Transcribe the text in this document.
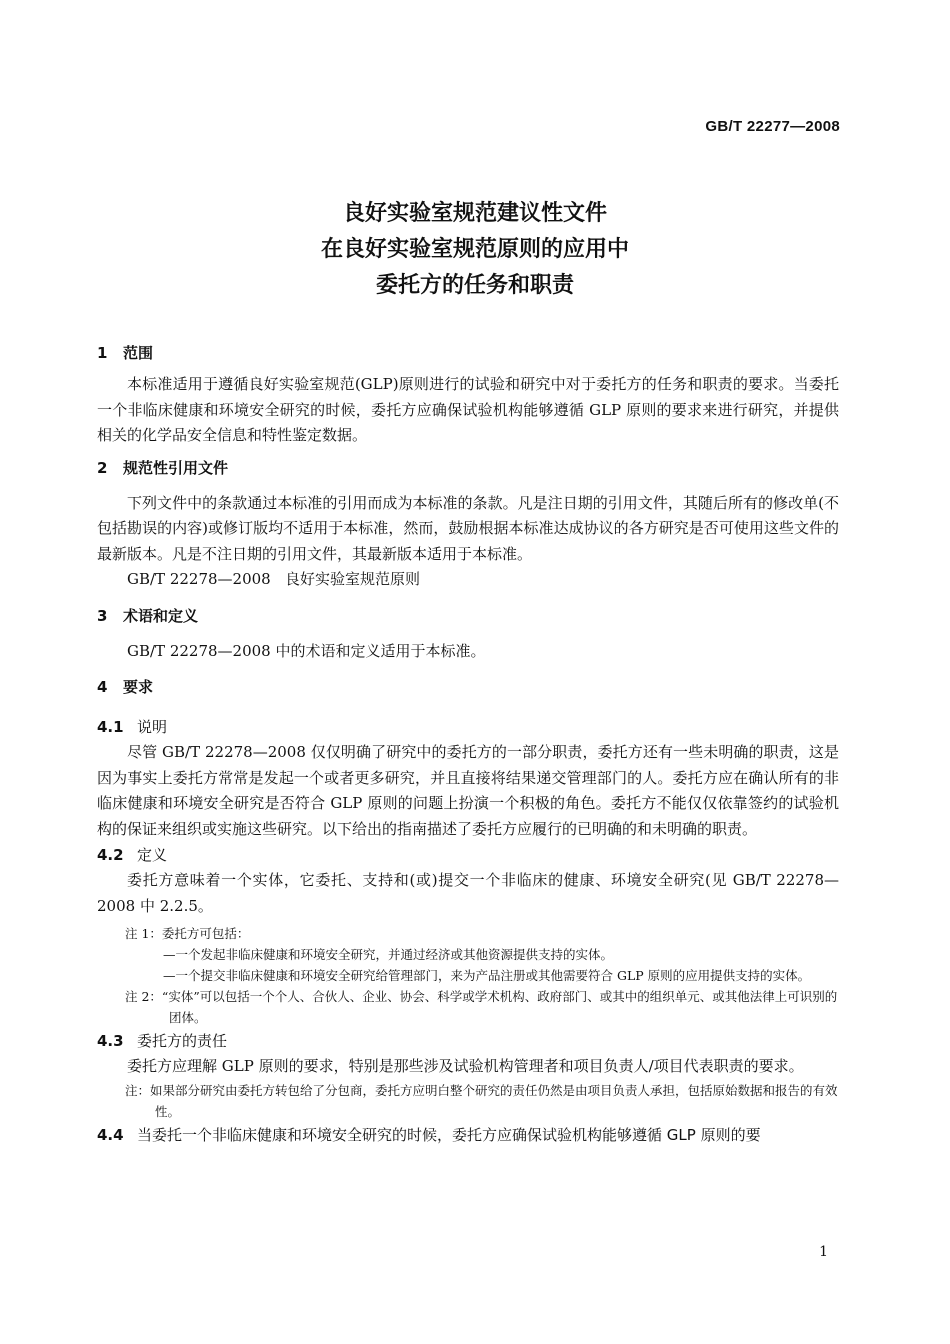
GB/T 22277—2008
良好实验室规范建议性文件
在良好实验室规范原则的应用中
委托方的任务和职责
1 范围

本标准适用于遵循良好实验室规范(GLP)原则进行的试验和研究中对于委托方的任务和职责的要求。当委托一个非临床健康和环境安全研究的时候，委托方应确保试验机构能够遵循 GLP 原则的要求来进行研究，并提供相关的化学品安全信息和特性鉴定数据。

2 规范性引用文件

下列文件中的条款通过本标准的引用而成为本标准的条款。凡是注日期的引用文件，其随后所有的修改单(不包括勘误的内容)或修订版均不适用于本标准，然而，鼓励根据本标准达成协议的各方研究是否可使用这些文件的最新版本。凡是不注日期的引用文件，其最新版本适用于本标准。

GB/T 22278—2008 良好实验室规范原则
3 术语和定义

GB/T 22278—2008 中的术语和定义适用于本标准。

4 要求
4.1 说明

尽管 GB/T 22278—2008 仅仅明确了研究中的委托方的一部分职责，委托方还有一些未明确的职责，这是因为事实上委托方常常是发起一个或者更多研究，并且直接将结果递交管理部门的人。委托方应在确认所有的非临床健康和环境安全研究是否符合 GLP 原则的问题上扮演一个积极的角色。委托方不能仅仅依靠签约的试验机构的保证来组织或实施这些研究。以下给出的指南描述了委托方应履行的已明确的和未明确的职责。

4.2 定义

委托方意味着一个实体，它委托、支持和(或)提交一个非临床的健康、环境安全研究(见 GB/T 22278—2008 中 2.2.5。

注 1：委托方可包括：
—一个发起非临床健康和环境安全研究，并通过经济或其他资源提供支持的实体。
—一个提交非临床健康和环境安全研究给管理部门，来为产品注册或其他需要符合 GLP 原则的应用提供支持的实体。
注 2：“实体”可以包括一个个人、合伙人、企业、协会、科学或学术机构、政府部门、或其中的组织单元、或其他法律上可识别的团体。
4.3 委托方的责任

委托方应理解 GLP 原则的要求，特别是那些涉及试验机构管理者和项目负责人/项目代表职责的要求。

注：如果部分研究由委托方转包给了分包商，委托方应明白整个研究的责任仍然是由项目负责人承担，包括原始数据和报告的有效性。
4.4 当委托一个非临床健康和环境安全研究的时候，委托方应确保试验机构能够遵循 GLP 原则的要
1
